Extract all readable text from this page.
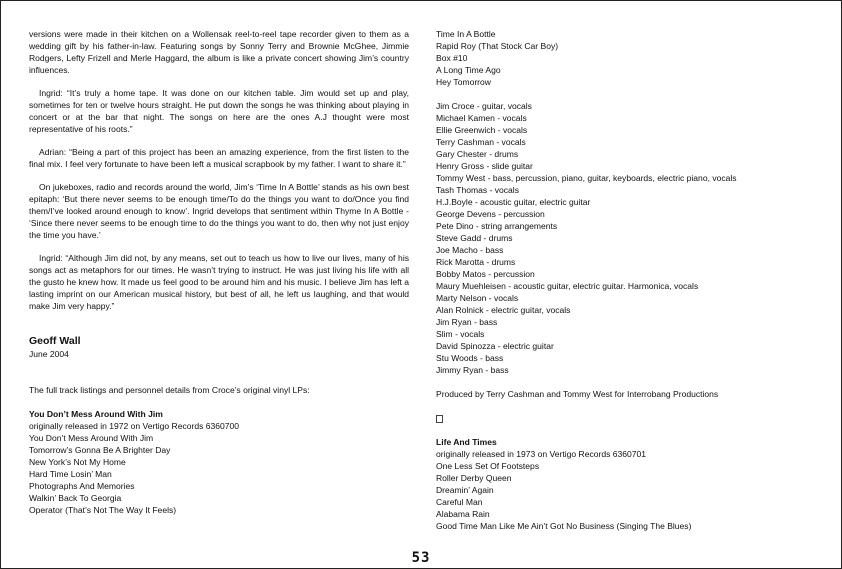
versions were made in their kitchen on a Wollensak reel-to-reel tape recorder given to them as a wedding gift by his father-in-law. Featuring songs by Sonny Terry and Brownie McGhee, Jimmie Rodgers, Lefty Frizell and Merle Haggard, the album is like a private concert showing Jim’s country influences.

Ingrid: “It’s truly a home tape. It was done on our kitchen table. Jim would set up and play, sometimes for ten or twelve hours straight. He put down the songs he was thinking about playing in concert or at the bar that night. The songs on here are the ones A.J thought were most representative of his roots.”

Adrian: “Being a part of this project has been an amazing experience, from the first listen to the final mix. I feel very fortunate to have been left a musical scrapbook by my father. I want to share it.”

On jukeboxes, radio and records around the world, Jim’s ‘Time In A Bottle’ stands as his own best epitaph: ‘But there never seems to be enough time/To do the things you want to do/Once you find them/I’ve looked around enough to know’. Ingrid develops that sentiment within Thyme In A Bottle - ‘Since there never seems to be enough time to do the things you want to do, then why not just enjoy the time you have.’

Ingrid: “Although Jim did not, by any means, set out to teach us how to live our lives, many of his songs act as metaphors for our times. He wasn’t trying to instruct. He was just living his life with all the gusto he knew how. It made us feel good to be around him and his music. I believe Jim has left a lasting imprint on our American musical history, but best of all, he left us laughing, and that would make Jim very happy.”

Geoff Wall
June 2004
The full track listings and personnel details from Croce’s original vinyl LPs:
You Don’t Mess Around With Jim
originally released in 1972 on Vertigo Records 6360700
You Don’t Mess Around With Jim
Tomorrow’s Gonna Be A Brighter Day
New York’s Not My Home
Hard Time Losin’ Man
Photographs And Memories
Walkin’ Back To Georgia
Operator (That’s Not The Way It Feels)
Time In A Bottle
Rapid Roy (That Stock Car Boy)
Box #10
A Long Time Ago
Hey Tomorrow
Jim Croce - guitar, vocals
Michael Kamen - vocals
Ellie Greenwich - vocals
Terry Cashman - vocals
Gary Chester - drums
Henry Gross - slide guitar
Tommy West - bass, percussion, piano, guitar, keyboards, electric piano, vocals
Tash Thomas - vocals
H.J.Boyle - acoustic guitar, electric guitar
George Devens - percussion
Pete Dino - string arrangements
Steve Gadd - drums
Joe Macho - bass
Rick Marotta - drums
Bobby Matos - percussion
Maury Muehleisen - acoustic guitar, electric guitar. Harmonica, vocals
Marty Nelson - vocals
Alan Rolnick - electric guitar, vocals
Jim Ryan - bass
Slim - vocals
David Spinozza - electric guitar
Stu Woods - bass
Jimmy Ryan - bass
Produced by Terry Cashman and Tommy West for Interrobang Productions
Life And Times
originally released in 1973 on Vertigo Records 6360701
One Less Set Of Footsteps
Roller Derby Queen
Dreamin’ Again
Careful Man
Alabama Rain
Good Time Man Like Me Ain’t Got No Business (Singing The Blues)
53
